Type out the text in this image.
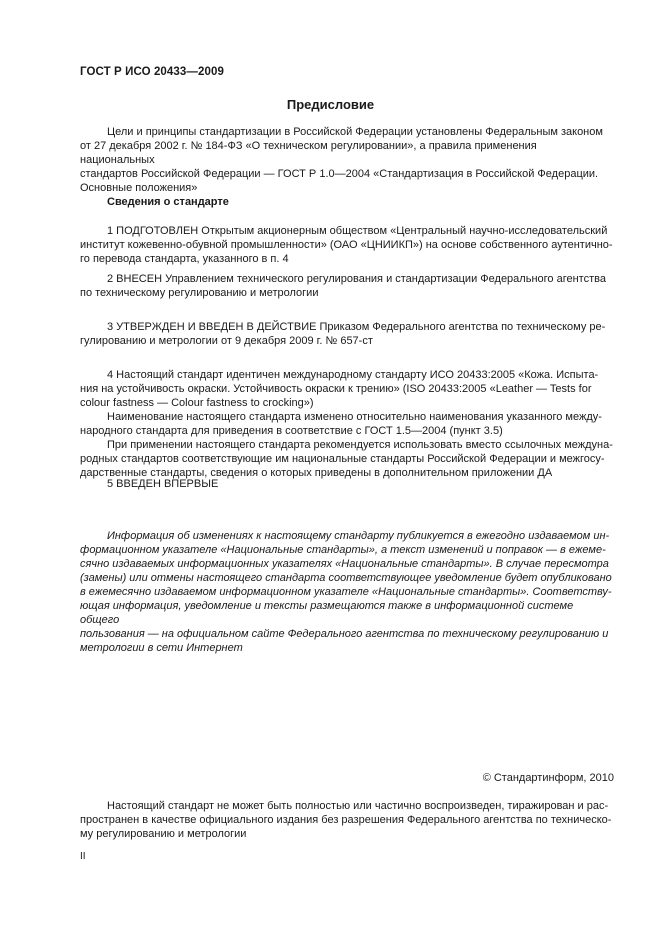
ГОСТ Р ИСО 20433—2009
Предисловие
Цели и принципы стандартизации в Российской Федерации установлены Федеральным законом
от 27 декабря 2002 г. № 184-ФЗ «О техническом регулировании», а правила применения национальных
стандартов Российской Федерации — ГОСТ Р 1.0—2004 «Стандартизация в Российской Федерации.
Основные положения»
Сведения о стандарте
1 ПОДГОТОВЛЕН Открытым акционерным обществом «Центральный научно-исследовательский
институт кожевенно-обувной промышленности» (ОАО «ЦНИИКП») на основе собственного аутентично-
го перевода стандарта, указанного в п. 4
2 ВНЕСЕН Управлением технического регулирования и стандартизации Федерального агентства
по техническому регулированию и метрологии
3 УТВЕРЖДЕН И ВВЕДЕН В ДЕЙСТВИЕ Приказом Федерального агентства по техническому ре-
гулированию и метрологии от 9 декабря 2009 г. № 657-ст
4 Настоящий стандарт идентичен международному стандарту ИСО 20433:2005 «Кожа. Испыта-
ния на устойчивость окраски. Устойчивость окраски к трению» (ISO 20433:2005 «Leather — Tests for
colour fastness — Colour fastness to crocking»)
Наименование настоящего стандарта изменено относительно наименования указанного между-
народного стандарта для приведения в соответствие с ГОСТ 1.5—2004 (пункт 3.5)
При применении настоящего стандарта рекомендуется использовать вместо ссылочных междуна-
родных стандартов соответствующие им национальные стандарты Российской Федерации и межгосу-
дарственные стандарты, сведения о которых приведены в дополнительном приложении ДА
5 ВВЕДЕН ВПЕРВЫЕ
Информация об изменениях к настоящему стандарту публикуется в ежегодно издаваемом ин-
формационном указателе «Национальные стандарты», а текст изменений и поправок — в ежеме-
сячно издаваемых информационных указателях «Национальные стандарты». В случае пересмотра
(замены) или отмены настоящего стандарта соответствующее уведомление будет опубликовано
в ежемесячно издаваемом информационном указателе «Национальные стандарты». Соответству-
ющая информация, уведомление и тексты размещаются также в информационной системе общего
пользования — на официальном сайте Федерального агентства по техническому регулированию и
метрологии в сети Интернет
© Стандартинформ, 2010
Настоящий стандарт не может быть полностью или частично воспроизведен, тиражирован и рас-
пространен в качестве официального издания без разрешения Федерального агентства по техническо-
му регулированию и метрологии
II
